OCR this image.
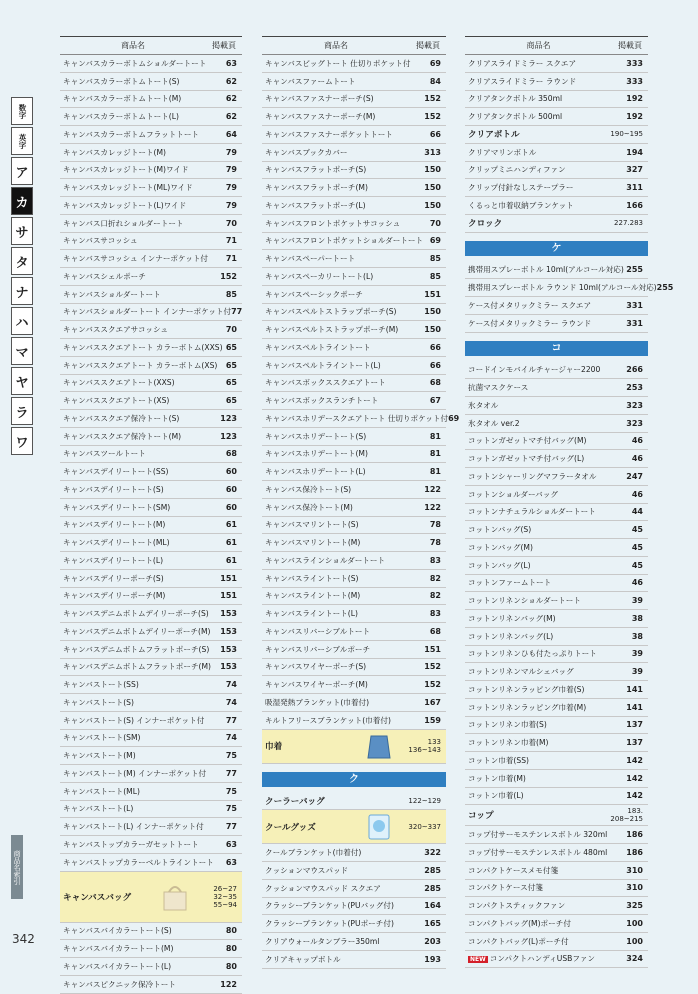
数字
英字
ア
カ
サ
タ
ナ
ハ
マ
ヤ
ラ
ワ
商品名索引
342
商品名	掲載頁
キャンバスカラーボトムショルダートート	63
キャンバスカラーボトムトート(S)	62
キャンバスカラーボトムトート(M)	62
キャンバスカラーボトムトート(L)	62
キャンバスカラーボトムフラットトート	64
キャンバスカレッジトート(M)	79
キャンバスカレッジトート(M)ワイド	79
キャンバスカレッジトート(ML)ワイド	79
キャンバスカレッジトート(L)ワイド	79
キャンバス口折れショルダートート	70
キャンバスサコッシュ	71
キャンバスサコッシュ インナーポケット付	71
キャンバスシェルポーチ	152
キャンバスショルダートート	85
キャンバスショルダートート インナーポケット付 77
キャンバススクエアサコッシュ	70
キャンバススクエアトート カラーボトム(XXS) 65
キャンバススクエアトート カラーボトム(XS)	65
キャンバススクエアトート(XXS)	65
キャンバススクエアトート(XS)	65
キャンバススクエア保冷トート(S)	123
キャンバススクエア保冷トート(M)	123
キャンバスツールトート	68
キャンバスデイリートート(SS)	60
キャンバスデイリートート(S)	60
キャンバスデイリートート(SM)	60
キャンバスデイリートート(M)	61
キャンバスデイリートート(ML)	61
キャンバスデイリートート(L)	61
キャンバスデイリーポーチ(S)	151
キャンバスデイリーポーチ(M)	151
キャンバスデニムボトムデイリーポーチ(S)	153
キャンバスデニムボトムデイリーポーチ(M)	153
キャンバスデニムボトムフラットポーチ(S)	153
キャンバスデニムボトムフラットポーチ(M)	153
キャンバストート(SS)	74
キャンバストート(S)	74
キャンバストート(S) インナーポケット付	77
キャンバストート(SM)	74
キャンバストート(M)	75
キャンバストート(M) インナーポケット付	77
キャンバストート(ML)	75
キャンバストート(L)	75
キャンバストート(L) インナーポケット付	77
キャンバストップカラーガセットトート	63
キャンバストップカラーベルトライントート	63
キャンバスバッグ
26~27
32~35
55~94
キャンバスバイカラートート(S)	80
キャンバスバイカラートート(M)	80
キャンバスバイカラートート(L)	80
キャンバスピクニック保冷トート	122
商品名	掲載頁
キャンバスビッグトート 仕切りポケット付	69
キャンバスファームトート	84
キャンバスファスナーポーチ(S)	152
キャンバスファスナーポーチ(M)	152
キャンバスファスナーポケットトート	66
キャンバスブックカバー	313
キャンバスフラットポーチ(S)	150
キャンバスフラットポーチ(M)	150
キャンバスフラットポーチ(L)	150
キャンバスフロントポケットサコッシュ	70
キャンバスフロントポケットショルダートート 69
キャンバスペーパートート	85
キャンバスペーカリートート(L)	85
キャンバスペーシックポーチ	151
キャンバスペルトストラップポーチ(S)	150
キャンバスペルトストラップポーチ(M)	150
キャンバスペルトライントート	66
キャンバスペルトライントート(L)	66
キャンバスボックススクエアトート	68
キャンバスボックスランチトート	67
キャンバスホリデースクエアトート 仕切りポケット付 69
キャンバスホリデートート(S)	81
キャンバスホリデートート(M)	81
キャンバスホリデートート(L)	81
キャンバス保冷トート(S)	122
キャンバス保冷トート(M)	122
キャンバスマリントート(S)	78
キャンバスマリントート(M)	78
キャンバスラインショルダートート	83
キャンバスライントート(S)	82
キャンバスライントート(M)	82
キャンバスライントート(L)	83
キャンバスリバーシブルトート	68
キャンバスリバーシブルポーチ	151
キャンバスワイヤーポーチ(S)	152
キャンバスワイヤーポーチ(M)	152
吸湿発熱ブランケット(巾着付)	167
キルトフリースブランケット(巾着付)	159
巾着	133
136~143
ク
クーラーバッグ	122~129
クールグッズ	320~337
クールブランケット(巾着付)	322
クッションマウスパッド	285
クッションマウスパッド スクエア	285
クラッシーブランケット(PUバッグ付)	164
クラッシーブランケット(PUポーチ付)	165
クリアウォールタンブラー350ml	203
クリアキャップボトル	193
商品名	掲載頁
クリアスライドミラー スクエア	333
クリアスライドミラー ラウンド	333
クリアタンクボトル 350ml	192
クリアタンクボトル 500ml	192
クリアボトル	190~195
クリアマリンボトル	194
クリップミニハンディファン	327
クリップ付針なしステープラー	311
くるっと巾着収納ブランケット	166
クロック	227.283
ケ
携帯用スプレーボトル 10ml(アルコール対応) 255
携帯用スプレーボトル ラウンド 10ml(アルコール対応) 255
ケース付メタリックミラー スクエア	331
ケース付メタリックミラー ラウンド	331
コ
コードインモバイルチャージャー2200	266
抗菌マスクケース	253
氷タオル	323
氷タオル ver.2	323
コットンガゼットマチ付バッグ(M)	46
コットンガゼットマチ付バッグ(L)	46
コットンシャーリングマフラータオル	247
コットンショルダーバッグ	46
コットンナチュラルショルダートート	44
コットンバッグ(S)	45
コットンバッグ(M)	45
コットンバッグ(L)	45
コットンファームトート	46
コットンリネンショルダートート	39
コットンリネンバッグ(M)	38
コットンリネンバッグ(L)	38
コットンリネンひも付たっぷりトート	39
コットンリネンマルシェバッグ	39
コットンリネンラッピング巾着(S)	141
コットンリネンラッピング巾着(M)	141
コットンリネン巾着(S)	137
コットンリネン巾着(M)	137
コットン巾着(SS)	142
コットン巾着(M)	142
コットン巾着(L)	142
コップ	183.
208~215
コップ付サーモステンレスボトル 320ml	186
コップ付サーモステンレスボトル 480ml	186
コンパクトケースメモ付箋	310
コンパクトケース付箋	310
コンパクトスティックファン	325
コンパクトバッグ(M)ポーチ付	100
コンパクトバッグ(L)ポーチ付	100
NEW コンパクトハンディUSBファン	324
